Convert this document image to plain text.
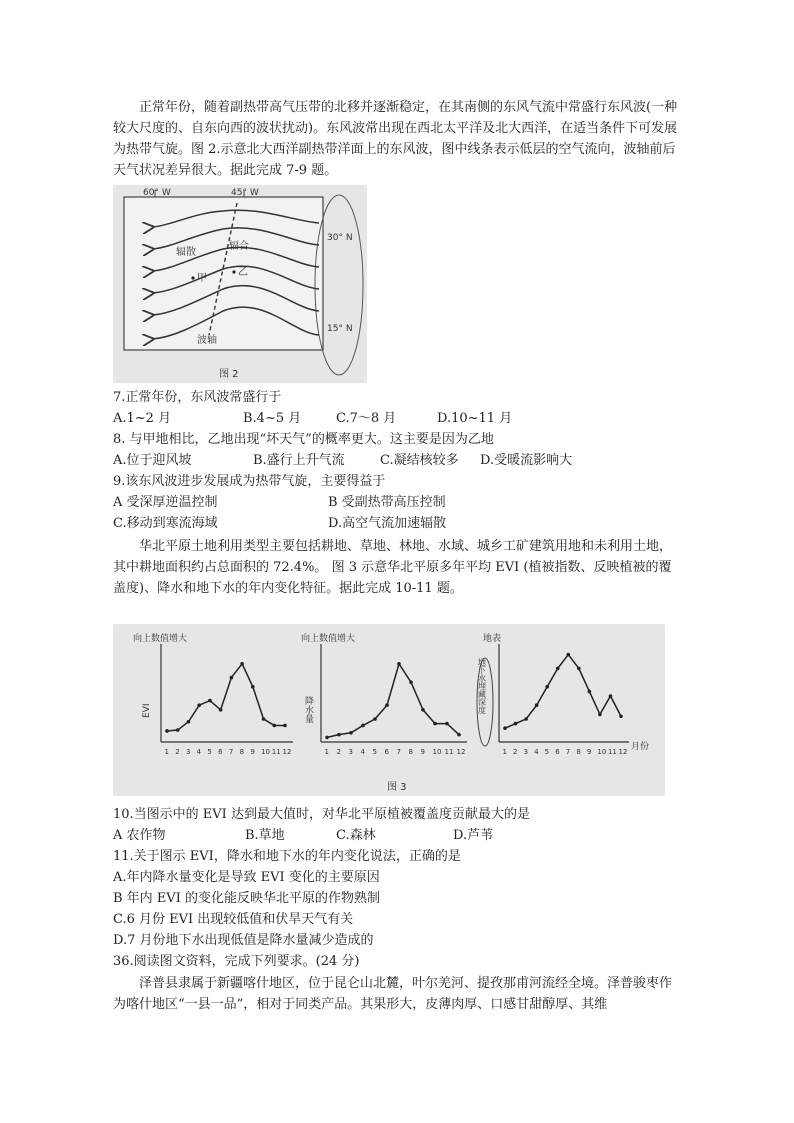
正常年份，随着副热带高气压带的北移并逐渐稳定，在其南侧的东风气流中常盛行东风波(一种较大尺度的、自东向西的波状扰动)。东风波常出现在西北太平洋及北大西洋，在适当条件下可发展为热带气旋。图 2.示意北大西洋副热带洋面上的东风波，图中线条表示低层的空气流向，波轴前后天气状况差异很大。据此完成 7-9 题。

60° W	45° W
30° N
15° N
辐散
辐合
甲
乙
波轴
图 2
7.正常年份，东风波常盛行于
A.1~2 月	B.4~5 月	C.7～8 月	D.10~11 月
8. 与甲地相比，乙地出现“坏天气”的概率更大。这主要是因为乙地
A.位于迎风坡	B.盛行上升气流	C.凝结核较多 D.受暖流影响大
9.该东风波进步发展成为热带气旋，主要得益于
A 受深厚逆温控制	B 受副热带高压控制
C.移动到寒流海域	D.高空气流加速辐散

华北平原土地利用类型主要包括耕地、草地、林地、水域、城乡工矿建筑用地和未利用土地，其中耕地面积约占总面积的 72.4%。 图 3 示意华北平原多年平均 EVI (植被指数、反映植被的覆盖度)、降水和地下水的年内变化特征。据此完成 10-11 题。

向上数值增大
EVI
向上数值增大
降水量
地表
地下水埋藏深度
月份
图 3
1 2 3 4 5 6 7 8 9 10 11 12	1 2 3 4 5 6 7 8 9 10 11 12	1 2 3 4 5 6 7 8 9 10 11 12
10.当图示中的 EVI 达到最大值时，对华北平原植被覆盖度贡献最大的是
A 农作物	B.草地	C.森林	D.芦苇
11.关于图示 EVI，降水和地下水的年内变化说法，正确的是
A.年内降水量变化是导致 EVI 变化的主要原因
B 年内 EVI 的变化能反映华北平原的作物熟制
C.6 月份 EVI 出现较低值和伏旱天气有关
D.7 月份地下水出现低值是降水量减少造成的
36.阅读图文资料，完成下列要求。(24 分)

泽普县隶属于新疆喀什地区，位于昆仑山北麓，叶尔羌河、提孜那甫河流经全境。泽普骏枣作为喀什地区“一县一品”，相对于同类产品。其果形大，皮薄肉厚、口感甘甜醇厚、其维
